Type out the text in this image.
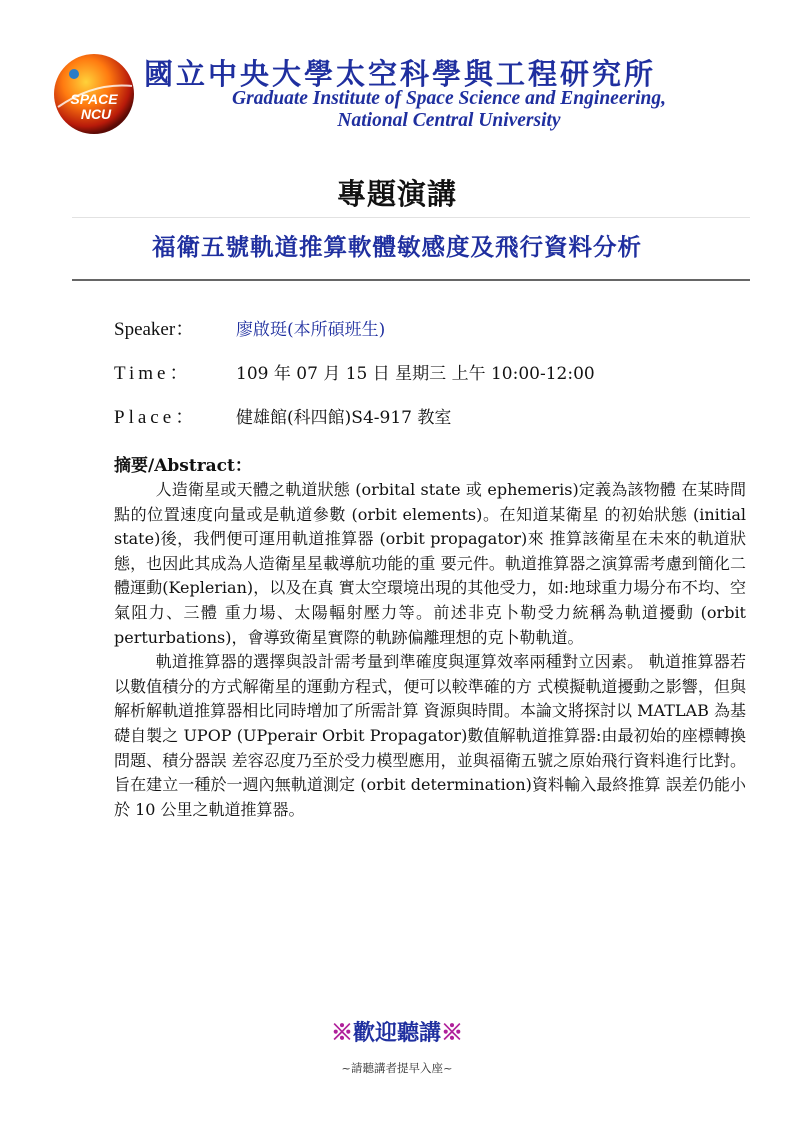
SPACE
NCU
國立中央大學太空科學與工程研究所
Graduate Institute of Space Science and Engineering,
National Central University
專題演講
福衛五號軌道推算軟體敏感度及飛行資料分析
Speaker： 廖啟珽(本所碩班生)
Time：	109 年 07 月 15 日 星期三 上午 10:00-12:00
Place： 健雄館(科四館)S4-917 教室
摘要/Abstract：

人造衛星或天體之軌道狀態 (orbital state 或 ephemeris)定義為該物體 在某時間點的位置速度向量或是軌道參數 (orbit elements)。在知道某衛星 的初始狀態 (initial state)後，我們便可運用軌道推算器 (orbit propagator)來 推算該衛星在未來的軌道狀態，也因此其成為人造衛星星載導航功能的重 要元件。軌道推算器之演算需考慮到簡化二體運動(Keplerian)，以及在真 實太空環境出現的其他受力，如:地球重力場分布不均、空氣阻力、三體 重力場、太陽輻射壓力等。前述非克卜勒受力統稱為軌道擾動 (orbit perturbations)，會導致衛星實際的軌跡偏離理想的克卜勒軌道。

軌道推算器的選擇與設計需考量到準確度與運算效率兩種對立因素。 軌道推算器若以數值積分的方式解衛星的運動方程式，便可以較準確的方 式模擬軌道擾動之影響，但與解析解軌道推算器相比同時增加了所需計算 資源與時間。本論文將探討以 MATLAB 為基礎自製之 UPOP (UPperair Orbit Propagator)數值解軌道推算器:由最初始的座標轉換問題、積分器誤 差容忍度乃至於受力模型應用，並與福衛五號之原始飛行資料進行比對。 旨在建立一種於一週內無軌道測定 (orbit determination)資料輸入最終推算 誤差仍能小於 10 公里之軌道推算器。

※歡迎聽講※
~請聽講者提早入座~
